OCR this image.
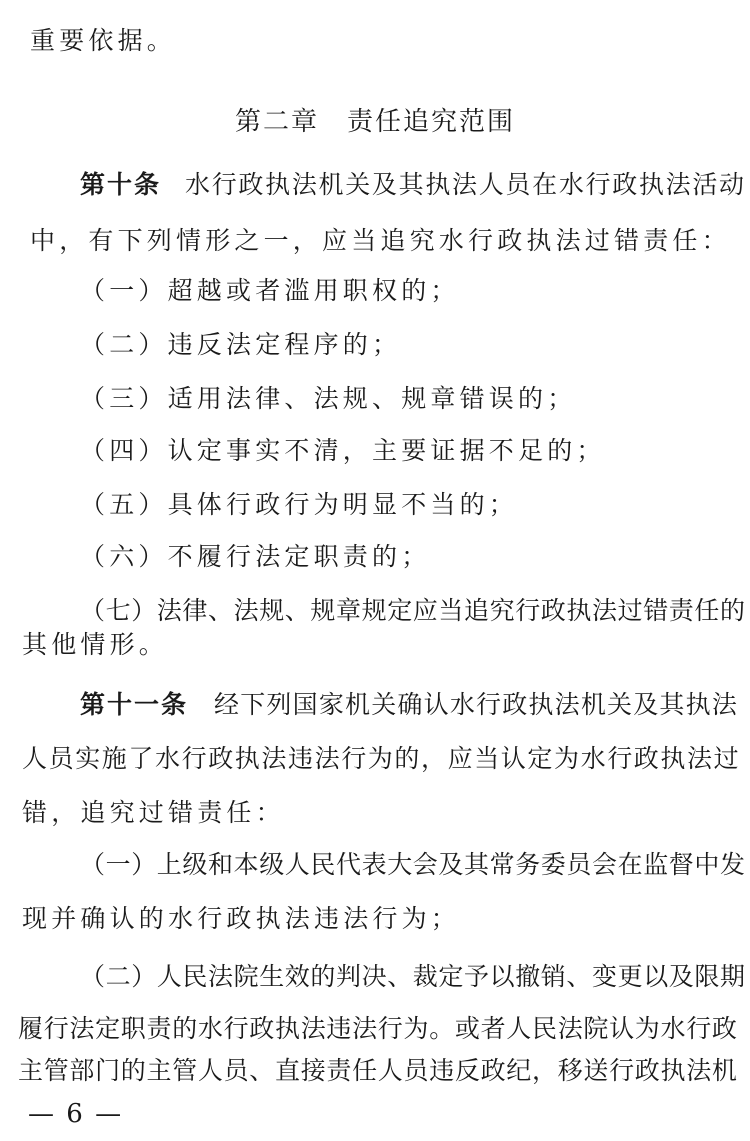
重要依据。
第二章　责任追究范围
第十条 水行政执法机关及其执法人员在水行政执法活动
中，有下列情形之一，应当追究水行政执法过错责任：
（一）超越或者滥用职权的；
（二）违反法定程序的；
（三）适用法律、法规、规章错误的；
（四）认定事实不清，主要证据不足的；
（五）具体行政行为明显不当的；
（六）不履行法定职责的；
（七）法律、法规、规章规定应当追究行政执法过错责任的
其他情形。
第十一条 经下列国家机关确认水行政执法机关及其执法
人员实施了水行政执法违法行为的，应当认定为水行政执法过
错，追究过错责任：
（一）上级和本级人民代表大会及其常务委员会在监督中发
现并确认的水行政执法违法行为；
（二）人民法院生效的判决、裁定予以撤销、变更以及限期
履行法定职责的水行政执法违法行为。或者人民法院认为水行政
主管部门的主管人员、直接责任人员违反政纪，移送行政执法机
— 6 —
